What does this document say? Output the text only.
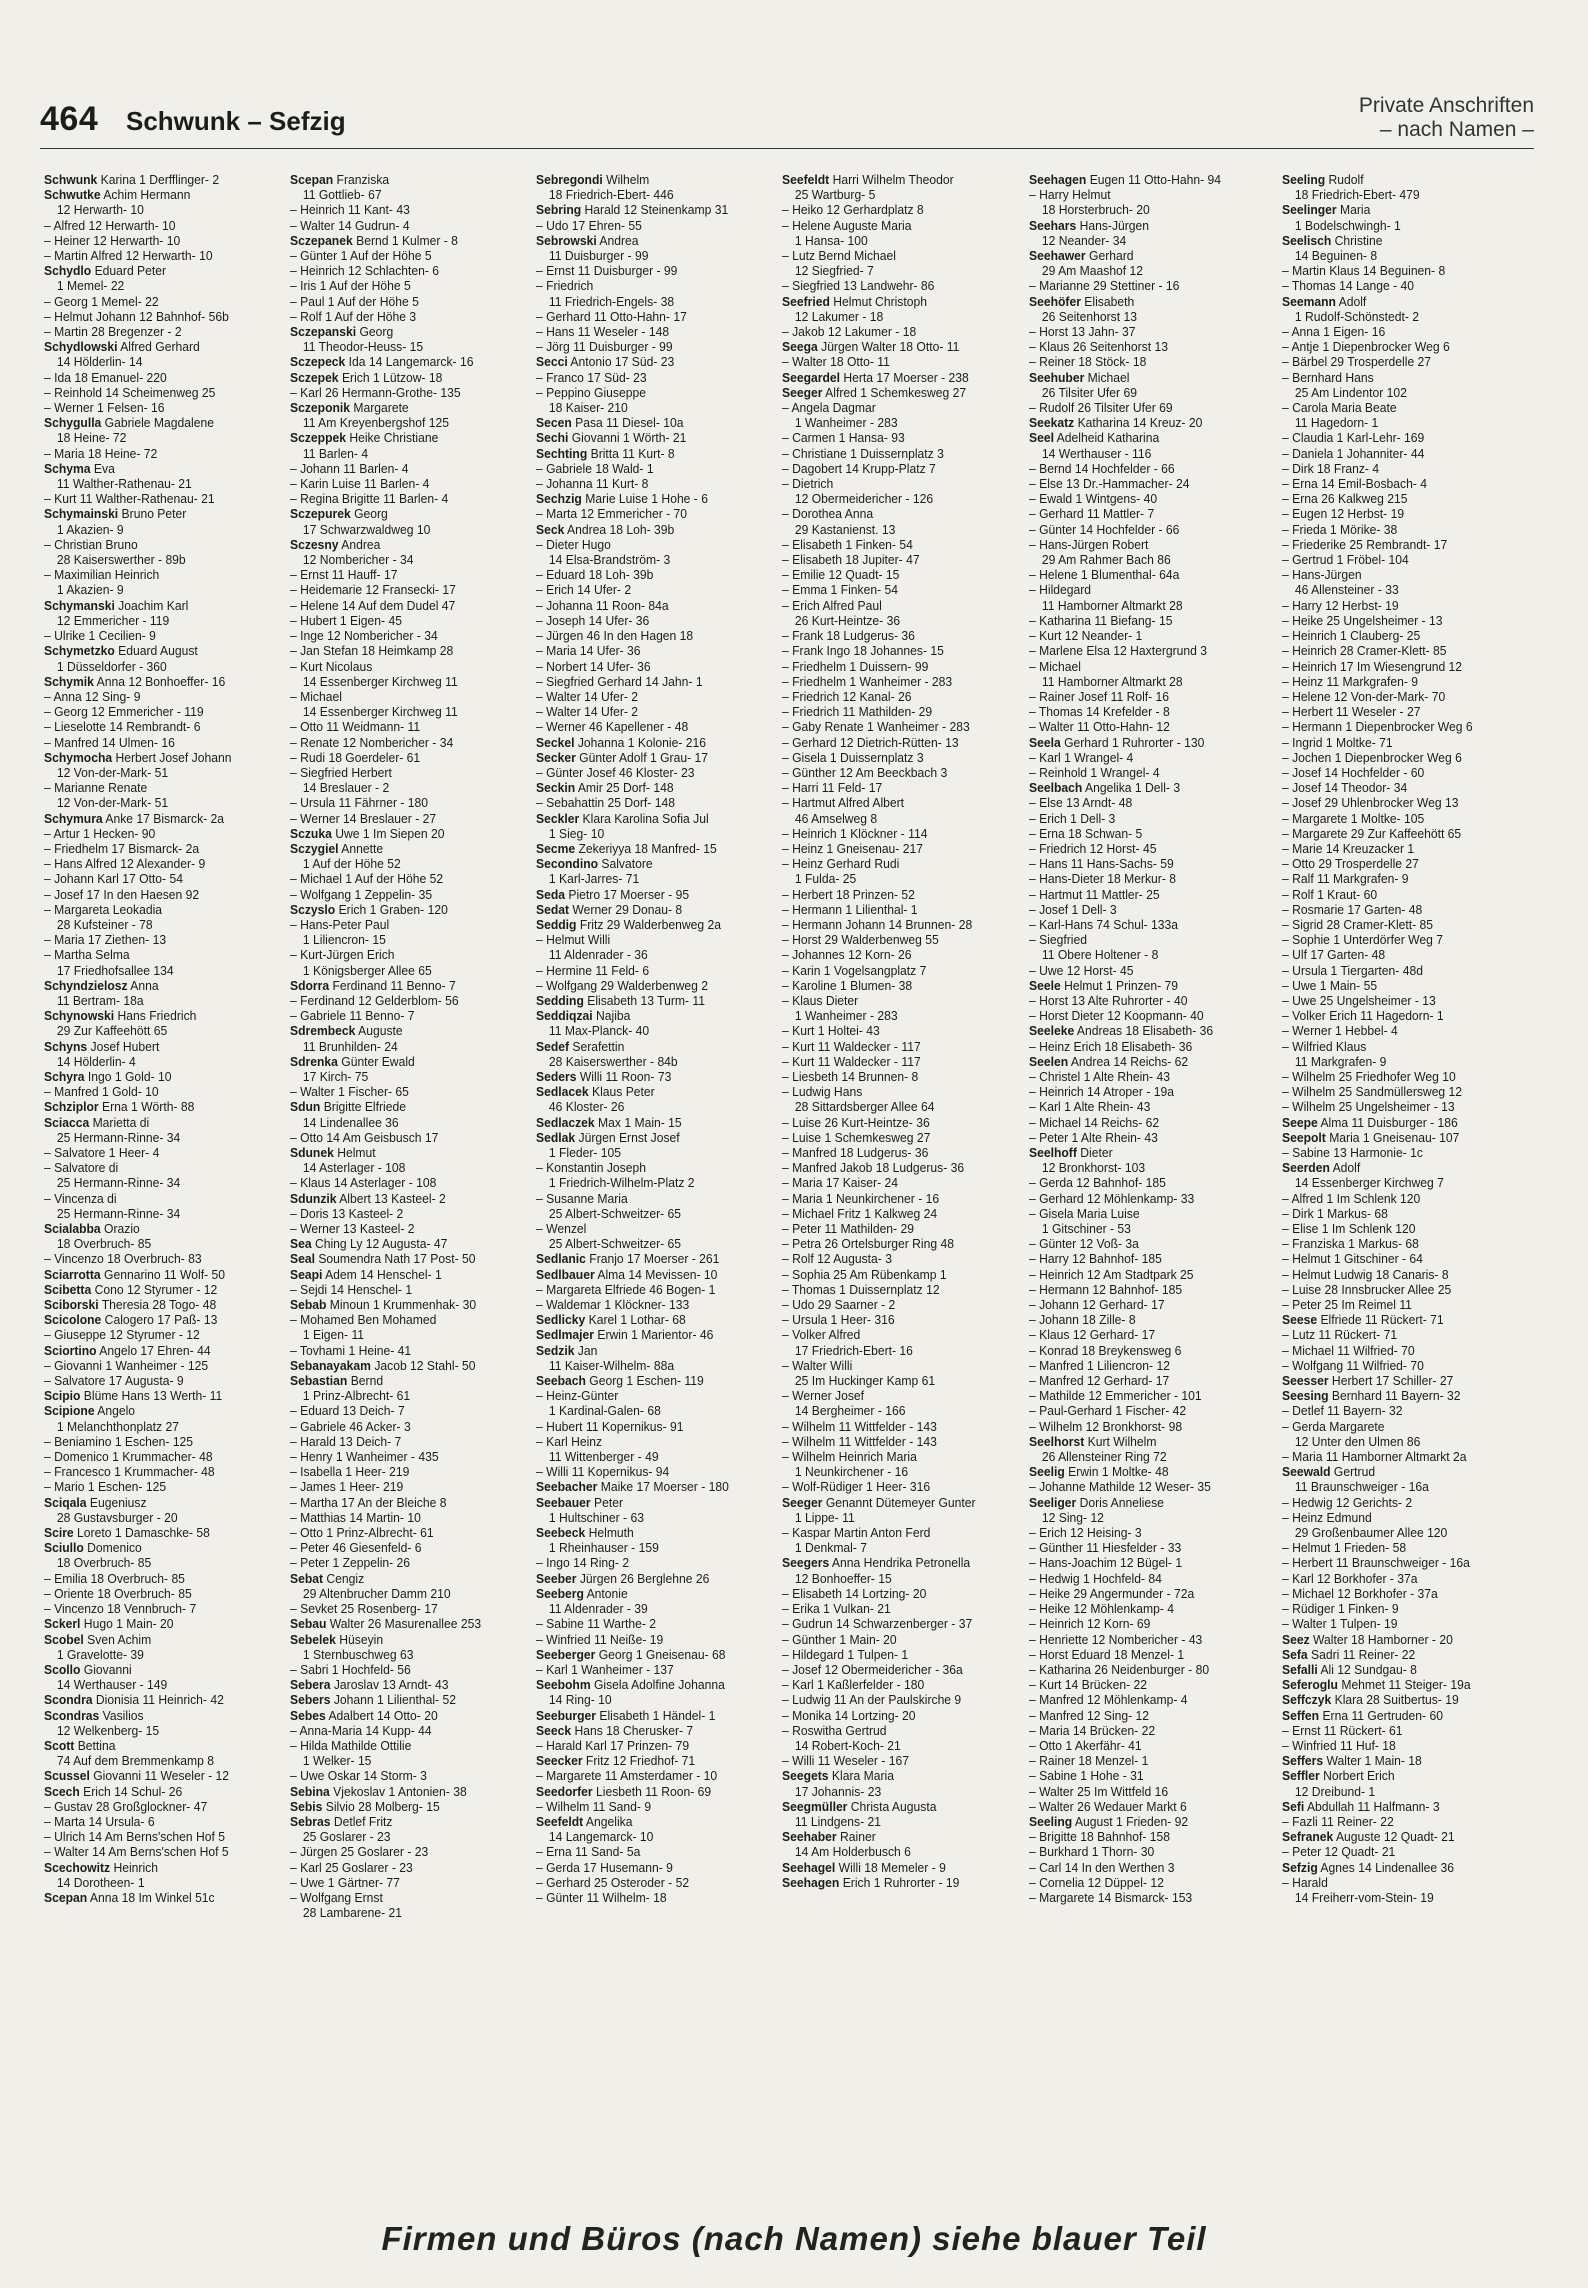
464 Schwunk – Sefzig
Private Anschriften
– nach Namen –
Schwunk Karina 1 Derfflinger- 2
Schwutke Achim Hermann
12 Herwarth- 10
– Alfred 12 Herwarth- 10
– Heiner 12 Herwarth- 10
– Martin Alfred 12 Herwarth- 10
Schydlo Eduard Peter
1 Memel- 22
– Georg 1 Memel- 22
– Helmut Johann 12 Bahnhof- 56b
– Martin 28 Bregenzer - 2
Schydlowski Alfred Gerhard
14 Hölderlin- 14
– Ida 18 Emanuel- 220
– Reinhold 14 Scheimenweg 25
– Werner 1 Felsen- 16
Schygulla Gabriele Magdalene
18 Heine- 72
– Maria 18 Heine- 72
Schyma Eva
11 Walther-Rathenau- 21
– Kurt 11 Walther-Rathenau- 21
Schymainski Bruno Peter
1 Akazien- 9
– Christian Bruno
28 Kaiserswerther - 89b
– Maximilian Heinrich
1 Akazien- 9
Schymanski Joachim Karl
12 Emmericher - 119
– Ulrike 1 Cecilien- 9
Schymetzko Eduard August
1 Düsseldorfer - 360
Schymik Anna 12 Bonhoeffer- 16
– Anna 12 Sing- 9
– Georg 12 Emmericher - 119
– Lieselotte 14 Rembrandt- 6
– Manfred 14 Ulmen- 16
Schymocha Herbert Josef Johann
12 Von-der-Mark- 51
– Marianne Renate
12 Von-der-Mark- 51
Schymura Anke 17 Bismarck- 2a
– Artur 1 Hecken- 90
– Friedhelm 17 Bismarck- 2a
– Hans Alfred 12 Alexander- 9
– Johann Karl 17 Otto- 54
– Josef 17 In den Haesen 92
– Margareta Leokadia
28 Kufsteiner - 78
– Maria 17 Ziethen- 13
– Martha Selma
17 Friedhofsallee 134
Schyndzielosz Anna
11 Bertram- 18a
Schynowski Hans Friedrich
29 Zur Kaffeehött 65
Schyns Josef Hubert
14 Hölderlin- 4
Schyra Ingo 1 Gold- 10
– Manfred 1 Gold- 10
Schziplor Erna 1 Wörth- 88
Sciacca Marietta di
25 Hermann-Rinne- 34
– Salvatore 1 Heer- 4
– Salvatore di
25 Hermann-Rinne- 34
– Vincenza di
25 Hermann-Rinne- 34
Scialabba Orazio
18 Overbruch- 85
– Vincenzo 18 Overbruch- 83
Sciarrotta Gennarino 11 Wolf- 50
Scibetta Cono 12 Styrumer - 12
Sciborski Theresia 28 Togo- 48
Scicolone Calogero 17 Paß- 13
– Giuseppe 12 Styrumer - 12
Sciortino Angelo 17 Ehren- 44
– Giovanni 1 Wanheimer - 125
– Salvatore 17 Augusta- 9
Scipio Blüme Hans 13 Werth- 11
Scipione Angelo
1 Melanchthonplatz 27
– Beniamino 1 Eschen- 125
– Domenico 1 Krummacher- 48
– Francesco 1 Krummacher- 48
– Mario 1 Eschen- 125
Sciqala Eugeniusz
28 Gustavsburger - 20
Scire Loreto 1 Damaschke- 58
Sciullo Domenico
18 Overbruch- 85
– Emilia 18 Overbruch- 85
– Oriente 18 Overbruch- 85
– Vincenzo 18 Vennbruch- 7
Sckerl Hugo 1 Main- 20
Scobel Sven Achim
1 Gravelotte- 39
Scollo Giovanni
14 Werthauser - 149
Scondra Dionisia 11 Heinrich- 42
Scondras Vasilios
12 Welkenberg- 15
Scott Bettina
74 Auf dem Bremmenkamp 8
Scussel Giovanni 11 Weseler - 12
Scech Erich 14 Schul- 26
– Gustav 28 Großglockner- 47
– Marta 14 Ursula- 6
– Ulrich 14 Am Berns'schen Hof 5
– Walter 14 Am Berns'schen Hof 5
Scechowitz Heinrich
14 Dorotheen- 1
Scepan Anna 18 Im Winkel 51c
Scepan Franziska
11 Gottlieb- 67
– Heinrich 11 Kant- 43
– Walter 14 Gudrun- 4
Sczepanek Bernd 1 Kulmer - 8
– Günter 1 Auf der Höhe 5
– Heinrich 12 Schlachten- 6
– Iris 1 Auf der Höhe 5
– Paul 1 Auf der Höhe 5
– Rolf 1 Auf der Höhe 3
Sczepanski Georg
11 Theodor-Heuss- 15
Sczepeck Ida 14 Langemarck- 16
Sczepek Erich 1 Lützow- 18
– Karl 26 Hermann-Grothe- 135
Sczeponik Margarete
11 Am Kreyenbergshof 125
Sczeppek Heike Christiane
11 Barlen- 4
– Johann 11 Barlen- 4
– Karin Luise 11 Barlen- 4
– Regina Brigitte 11 Barlen- 4
Sczepurek Georg
17 Schwarzwaldweg 10
Sczesny Andrea
12 Nombericher - 34
– Ernst 11 Hauff- 17
– Heidemarie 12 Fransecki- 17
– Helene 14 Auf dem Dudel 47
– Hubert 1 Eigen- 45
– Inge 12 Nombericher - 34
– Jan Stefan 18 Heimkamp 28
– Kurt Nicolaus
14 Essenberger Kirchweg 11
– Michael
14 Essenberger Kirchweg 11
– Otto 11 Weidmann- 11
– Renate 12 Nombericher - 34
– Rudi 18 Goerdeler- 61
– Siegfried Herbert
14 Breslauer - 2
– Ursula 11 Fährner - 180
– Werner 14 Breslauer - 27
Sczuka Uwe 1 Im Siepen 20
Sczygiel Annette
1 Auf der Höhe 52
– Michael 1 Auf der Höhe 52
– Wolfgang 1 Zeppelin- 35
Sczyslo Erich 1 Graben- 120
– Hans-Peter Paul
1 Liliencron- 15
– Kurt-Jürgen Erich
1 Königsberger Allee 65
Sdorra Ferdinand 11 Benno- 7
– Ferdinand 12 Gelderblom- 56
– Gabriele 11 Benno- 7
Sdrembeck Auguste
11 Brunhilden- 24
Sdrenka Günter Ewald
17 Kirch- 75
– Walter 1 Fischer- 65
Sdun Brigitte Elfriede
14 Lindenallee 36
– Otto 14 Am Geisbusch 17
Sdunek Helmut
14 Asterlager - 108
– Klaus 14 Asterlager - 108
Sdunzik Albert 13 Kasteel- 2
– Doris 13 Kasteel- 2
– Werner 13 Kasteel- 2
Sea Ching Ly 12 Augusta- 47
Seal Soumendra Nath 17 Post- 50
Seapi Adem 14 Henschel- 1
– Sejdi 14 Henschel- 1
Sebab Minoun 1 Krummenhak- 30
– Mohamed Ben Mohamed
1 Eigen- 11
– Tovhami 1 Heine- 41
Sebanayakam Jacob 12 Stahl- 50
Sebastian Bernd
1 Prinz-Albrecht- 61
– Eduard 13 Deich- 7
– Gabriele 46 Acker- 3
– Harald 13 Deich- 7
– Henry 1 Wanheimer - 435
– Isabella 1 Heer- 219
– James 1 Heer- 219
– Martha 17 An der Bleiche 8
– Matthias 14 Martin- 10
– Otto 1 Prinz-Albrecht- 61
– Peter 46 Giesenfeld- 6
– Peter 1 Zeppelin- 26
Sebat Cengiz
29 Altenbrucher Damm 210
– Sevket 25 Rosenberg- 17
Sebau Walter 26 Masurenallee 253
Sebelek Hüseyin
1 Sternbuschweg 63
– Sabri 1 Hochfeld- 56
Sebera Jaroslav 13 Arndt- 43
Sebers Johann 1 Lilienthal- 52
Sebes Adalbert 14 Otto- 20
– Anna-Maria 14 Kupp- 44
– Hilda Mathilde Ottilie
1 Welker- 15
– Uwe Oskar 14 Storm- 3
Sebina Vjekoslav 1 Antonien- 38
Sebis Silvio 28 Molberg- 15
Sebras Detlef Fritz
25 Goslarer - 23
– Jürgen 25 Goslarer - 23
– Karl 25 Goslarer - 23
– Uwe 1 Gärtner- 77
– Wolfgang Ernst
28 Lambarene- 21
Sebregondi Wilhelm
18 Friedrich-Ebert- 446
Sebring Harald 12 Steinenkamp 31
– Udo 17 Ehren- 55
Sebrowski Andrea
11 Duisburger - 99
– Ernst 11 Duisburger - 99
– Friedrich
11 Friedrich-Engels- 38
– Gerhard 11 Otto-Hahn- 17
– Hans 11 Weseler - 148
– Jörg 11 Duisburger - 99
Secci Antonio 17 Süd- 23
– Franco 17 Süd- 23
– Peppino Giuseppe
18 Kaiser- 210
Secen Pasa 11 Diesel- 10a
Sechi Giovanni 1 Wörth- 21
Sechting Britta 11 Kurt- 8
– Gabriele 18 Wald- 1
– Johanna 11 Kurt- 8
Sechzig Marie Luise 1 Hohe - 6
– Marta 12 Emmericher - 70
Seck Andrea 18 Loh- 39b
– Dieter Hugo
14 Elsa-Brandström- 3
– Eduard 18 Loh- 39b
– Erich 14 Ufer- 2
– Johanna 11 Roon- 84a
– Joseph 14 Ufer- 36
– Jürgen 46 In den Hagen 18
– Maria 14 Ufer- 36
– Norbert 14 Ufer- 36
– Siegfried Gerhard 14 Jahn- 1
– Walter 14 Ufer- 2
– Walter 14 Ufer- 2
– Werner 46 Kapellener - 48
Seckel Johanna 1 Kolonie- 216
Secker Günter Adolf 1 Grau- 17
– Günter Josef 46 Kloster- 23
Seckin Amir 25 Dorf- 148
– Sebahattin 25 Dorf- 148
Seckler Klara Karolina Sofia Jul
1 Sieg- 10
Secme Zekeriyya 18 Manfred- 15
Secondino Salvatore
1 Karl-Jarres- 71
Seda Pietro 17 Moerser - 95
Sedat Werner 29 Donau- 8
Seddig Fritz 29 Walderbenweg 2a
– Helmut Willi
11 Aldenrader - 36
– Hermine 11 Feld- 6
– Wolfgang 29 Walderbenweg 2
Sedding Elisabeth 13 Turm- 11
Seddiqzai Najiba
11 Max-Planck- 40
Sedef Serafettin
28 Kaiserswerther - 84b
Seders Willi 11 Roon- 73
Sedlacek Klaus Peter
46 Kloster- 26
Sedlaczek Max 1 Main- 15
Sedlak Jürgen Ernst Josef
1 Fleder- 105
– Konstantin Joseph
1 Friedrich-Wilhelm-Platz 2
– Susanne Maria
25 Albert-Schweitzer- 65
– Wenzel
25 Albert-Schweitzer- 65
Sedlanic Franjo 17 Moerser - 261
Sedlbauer Alma 14 Mevissen- 10
– Margareta Elfriede 46 Bogen- 1
– Waldemar 1 Klöckner- 133
Sedlicky Karel 1 Lothar- 68
Sedlmajer Erwin 1 Marientor- 46
Sedzik Jan
11 Kaiser-Wilhelm- 88a
Seebach Georg 1 Eschen- 119
– Heinz-Günter
1 Kardinal-Galen- 68
– Hubert 11 Kopernikus- 91
– Karl Heinz
11 Wittenberger - 49
– Willi 11 Kopernikus- 94
Seebacher Maike 17 Moerser - 180
Seebauer Peter
1 Hultschiner - 63
Seebeck Helmuth
1 Rheinhauser - 159
– Ingo 14 Ring- 2
Seeber Jürgen 26 Berglehne 26
Seeberg Antonie
11 Aldenrader - 39
– Sabine 11 Warthe- 2
– Winfried 11 Neiße- 19
Seeberger Georg 1 Gneisenau- 68
– Karl 1 Wanheimer - 137
Seebohm Gisela Adolfine Johanna
14 Ring- 10
Seeburger Elisabeth 1 Händel- 1
Seeck Hans 18 Cherusker- 7
– Harald Karl 17 Prinzen- 79
Seecker Fritz 12 Friedhof- 71
– Margarete 11 Amsterdamer - 10
Seedorfer Liesbeth 11 Roon- 69
– Wilhelm 11 Sand- 9
Seefeldt Angelika
14 Langemarck- 10
– Erna 11 Sand- 5a
– Gerda 17 Husemann- 9
– Gerhard 25 Osteroder - 52
– Günter 11 Wilhelm- 18
Seefeldt Harri Wilhelm Theodor
25 Wartburg- 5
– Heiko 12 Gerhardplatz 8
– Helene Auguste Maria
1 Hansa- 100
– Lutz Bernd Michael
12 Siegfried- 7
– Siegfried 13 Landwehr- 86
Seefried Helmut Christoph
12 Lakumer - 18
– Jakob 12 Lakumer - 18
Seega Jürgen Walter 18 Otto- 11
– Walter 18 Otto- 11
Seegardel Herta 17 Moerser - 238
Seeger Alfred 1 Schemkesweg 27
– Angela Dagmar
1 Wanheimer - 283
– Carmen 1 Hansa- 93
– Christiane 1 Duissernplatz 3
– Dagobert 14 Krupp-Platz 7
– Dietrich
12 Obermeidericher - 126
– Dorothea Anna
29 Kastanienst. 13
– Elisabeth 1 Finken- 54
– Elisabeth 18 Jupiter- 47
– Emilie 12 Quadt- 15
– Emma 1 Finken- 54
– Erich Alfred Paul
26 Kurt-Heintze- 36
– Frank 18 Ludgerus- 36
– Frank Ingo 18 Johannes- 15
– Friedhelm 1 Duissern- 99
– Friedhelm 1 Wanheimer - 283
– Friedrich 12 Kanal- 26
– Friedrich 11 Mathilden- 29
– Gaby Renate 1 Wanheimer - 283
– Gerhard 12 Dietrich-Rütten- 13
– Gisela 1 Duissernplatz 3
– Günther 12 Am Beeckbach 3
– Harri 11 Feld- 17
– Hartmut Alfred Albert
46 Amselweg 8
– Heinrich 1 Klöckner - 114
– Heinz 1 Gneisenau- 217
– Heinz Gerhard Rudi
1 Fulda- 25
– Herbert 18 Prinzen- 52
– Hermann 1 Lilienthal- 1
– Hermann Johann 14 Brunnen- 28
– Horst 29 Walderbenweg 55
– Johannes 12 Korn- 26
– Karin 1 Vogelsangplatz 7
– Karoline 1 Blumen- 38
– Klaus Dieter
1 Wanheimer - 283
– Kurt 1 Holtei- 43
– Kurt 11 Waldecker - 117
– Kurt 11 Waldecker - 117
– Liesbeth 14 Brunnen- 8
– Ludwig Hans
28 Sittardsberger Allee 64
– Luise 26 Kurt-Heintze- 36
– Luise 1 Schemkesweg 27
– Manfred 18 Ludgerus- 36
– Manfred Jakob 18 Ludgerus- 36
– Maria 17 Kaiser- 24
– Maria 1 Neunkirchener - 16
– Michael Fritz 1 Kalkweg 24
– Peter 11 Mathilden- 29
– Petra 26 Ortelsburger Ring 48
– Rolf 12 Augusta- 3
– Sophia 25 Am Rübenkamp 1
– Thomas 1 Duissernplatz 12
– Udo 29 Saarner - 2
– Ursula 1 Heer- 316
– Volker Alfred
17 Friedrich-Ebert- 16
– Walter Willi
25 Im Huckinger Kamp 61
– Werner Josef
14 Bergheimer - 166
– Wilhelm 11 Wittfelder - 143
– Wilhelm 11 Wittfelder - 143
– Wilhelm Heinrich Maria
1 Neunkirchener - 16
– Wolf-Rüdiger 1 Heer- 316
Seeger Genannt Dütemeyer Gunter
1 Lippe- 11
– Kaspar Martin Anton Ferd
1 Denkmal- 7
Seegers Anna Hendrika Petronella
12 Bonhoeffer- 15
– Elisabeth 14 Lortzing- 20
– Erika 1 Vulkan- 21
– Gudrun 14 Schwarzenberger - 37
– Günther 1 Main- 20
– Hildegard 1 Tulpen- 1
– Josef 12 Obermeidericher - 36a
– Karl 1 Kaßlerfelder - 180
– Ludwig 11 An der Paulskirche 9
– Monika 14 Lortzing- 20
– Roswitha Gertrud
14 Robert-Koch- 21
– Willi 11 Weseler - 167
Seegets Klara Maria
17 Johannis- 23
Seegmüller Christa Augusta
11 Lindgens- 21
Seehaber Rainer
14 Am Holderbusch 6
Seehagel Willi 18 Memeler - 9
Seehagen Erich 1 Ruhrorter - 19
Seehagen Eugen 11 Otto-Hahn- 94
– Harry Helmut
18 Horsterbruch- 20
Seehars Hans-Jürgen
12 Neander- 34
Seehawer Gerhard
29 Am Maashof 12
– Marianne 29 Stettiner - 16
Seehöfer Elisabeth
26 Seitenhorst 13
– Horst 13 Jahn- 37
– Klaus 26 Seitenhorst 13
– Reiner 18 Stöck- 18
Seehuber Michael
26 Tilsiter Ufer 69
– Rudolf 26 Tilsiter Ufer 69
Seekatz Katharina 14 Kreuz- 20
Seel Adelheid Katharina
14 Werthauser - 116
– Bernd 14 Hochfelder - 66
– Else 13 Dr.-Hammacher- 24
– Ewald 1 Wintgens- 40
– Gerhard 11 Mattler- 7
– Günter 14 Hochfelder - 66
– Hans-Jürgen Robert
29 Am Rahmer Bach 86
– Helene 1 Blumenthal- 64a
– Hildegard
11 Hamborner Altmarkt 28
– Katharina 11 Biefang- 15
– Kurt 12 Neander- 1
– Marlene Elsa 12 Haxtergrund 3
– Michael
11 Hamborner Altmarkt 28
– Rainer Josef 11 Rolf- 16
– Thomas 14 Krefelder - 8
– Walter 11 Otto-Hahn- 12
Seela Gerhard 1 Ruhrorter - 130
– Karl 1 Wrangel- 4
– Reinhold 1 Wrangel- 4
Seelbach Angelika 1 Dell- 3
– Else 13 Arndt- 48
– Erich 1 Dell- 3
– Erna 18 Schwan- 5
– Friedrich 12 Horst- 45
– Hans 11 Hans-Sachs- 59
– Hans-Dieter 18 Merkur- 8
– Hartmut 11 Mattler- 25
– Josef 1 Dell- 3
– Karl-Hans 74 Schul- 133a
– Siegfried
11 Obere Holtener - 8
– Uwe 12 Horst- 45
Seele Helmut 1 Prinzen- 79
– Horst 13 Alte Ruhrorter - 40
– Horst Dieter 12 Koopmann- 40
Seeleke Andreas 18 Elisabeth- 36
– Heinz Erich 18 Elisabeth- 36
Seelen Andrea 14 Reichs- 62
– Christel 1 Alte Rhein- 43
– Heinrich 14 Atroper - 19a
– Karl 1 Alte Rhein- 43
– Michael 14 Reichs- 62
– Peter 1 Alte Rhein- 43
Seelhoff Dieter
12 Bronkhorst- 103
– Gerda 12 Bahnhof- 185
– Gerhard 12 Möhlenkamp- 33
– Gisela Maria Luise
1 Gitschiner - 53
– Günter 12 Voß- 3a
– Harry 12 Bahnhof- 185
– Heinrich 12 Am Stadtpark 25
– Hermann 12 Bahnhof- 185
– Johann 12 Gerhard- 17
– Johann 18 Zille- 8
– Klaus 12 Gerhard- 17
– Konrad 18 Breykensweg 6
– Manfred 1 Liliencron- 12
– Manfred 12 Gerhard- 17
– Mathilde 12 Emmericher - 101
– Paul-Gerhard 1 Fischer- 42
– Wilhelm 12 Bronkhorst- 98
Seelhorst Kurt Wilhelm
26 Allensteiner Ring 72
Seelig Erwin 1 Moltke- 48
– Johanne Mathilde 12 Weser- 35
Seeliger Doris Anneliese
12 Sing- 12
– Erich 12 Heising- 3
– Günther 11 Hiesfelder - 33
– Hans-Joachim 12 Bügel- 1
– Hedwig 1 Hochfeld- 84
– Heike 29 Angermunder - 72a
– Heike 12 Möhlenkamp- 4
– Heinrich 12 Korn- 69
– Henriette 12 Nombericher - 43
– Horst Eduard 18 Menzel- 1
– Katharina 26 Neidenburger - 80
– Kurt 14 Brücken- 22
– Manfred 12 Möhlenkamp- 4
– Manfred 12 Sing- 12
– Maria 14 Brücken- 22
– Otto 1 Akerfähr- 41
– Rainer 18 Menzel- 1
– Sabine 1 Hohe - 31
– Walter 25 Im Wittfeld 16
– Walter 26 Wedauer Markt 6
Seeling August 1 Frieden- 92
– Brigitte 18 Bahnhof- 158
– Burkhard 1 Thorn- 30
– Carl 14 In den Werthen 3
– Cornelia 12 Düppel- 12
– Margarete 14 Bismarck- 153
Seeling Rudolf
18 Friedrich-Ebert- 479
Seelinger Maria
1 Bodelschwingh- 1
Seelisch Christine
14 Beguinen- 8
– Martin Klaus 14 Beguinen- 8
– Thomas 14 Lange - 40
Seemann Adolf
1 Rudolf-Schönstedt- 2
– Anna 1 Eigen- 16
– Antje 1 Diepenbrocker Weg 6
– Bärbel 29 Trosperdelle 27
– Bernhard Hans
25 Am Lindentor 102
– Carola Maria Beate
11 Hagedorn- 1
– Claudia 1 Karl-Lehr- 169
– Daniela 1 Johanniter- 44
– Dirk 18 Franz- 4
– Erna 14 Emil-Bosbach- 4
– Erna 26 Kalkweg 215
– Eugen 12 Herbst- 19
– Frieda 1 Mörike- 38
– Friederike 25 Rembrandt- 17
– Gertrud 1 Fröbel- 104
– Hans-Jürgen
46 Allensteiner - 33
– Harry 12 Herbst- 19
– Heike 25 Ungelsheimer - 13
– Heinrich 1 Clauberg- 25
– Heinrich 28 Cramer-Klett- 85
– Heinrich 17 Im Wiesengrund 12
– Heinz 11 Markgrafen- 9
– Helene 12 Von-der-Mark- 70
– Herbert 11 Weseler - 27
– Hermann 1 Diepenbrocker Weg 6
– Ingrid 1 Moltke- 71
– Jochen 1 Diepenbrocker Weg 6
– Josef 14 Hochfelder - 60
– Josef 14 Theodor- 34
– Josef 29 Uhlenbrocker Weg 13
– Margarete 1 Moltke- 105
– Margarete 29 Zur Kaffeehött 65
– Marie 14 Kreuzacker 1
– Otto 29 Trosperdelle 27
– Ralf 11 Markgrafen- 9
– Rolf 1 Kraut- 60
– Rosmarie 17 Garten- 48
– Sigrid 28 Cramer-Klett- 85
– Sophie 1 Unterdörfer Weg 7
– Ulf 17 Garten- 48
– Ursula 1 Tiergarten- 48d
– Uwe 1 Main- 55
– Uwe 25 Ungelsheimer - 13
– Volker Erich 11 Hagedorn- 1
– Werner 1 Hebbel- 4
– Wilfried Klaus
11 Markgrafen- 9
– Wilhelm 25 Friedhofer Weg 10
– Wilhelm 25 Sandmüllersweg 12
– Wilhelm 25 Ungelsheimer - 13
Seepe Alma 11 Duisburger - 186
Seepolt Maria 1 Gneisenau- 107
– Sabine 13 Harmonie- 1c
Seerden Adolf
14 Essenberger Kirchweg 7
– Alfred 1 Im Schlenk 120
– Dirk 1 Markus- 68
– Elise 1 Im Schlenk 120
– Franziska 1 Markus- 68
– Helmut 1 Gitschiner - 64
– Helmut Ludwig 18 Canaris- 8
– Luise 28 Innsbrucker Allee 25
– Peter 25 Im Reimel 11
Seese Elfriede 11 Rückert- 71
– Lutz 11 Rückert- 71
– Michael 11 Wilfried- 70
– Wolfgang 11 Wilfried- 70
Seesser Herbert 17 Schiller- 27
Seesing Bernhard 11 Bayern- 32
– Detlef 11 Bayern- 32
– Gerda Margarete
12 Unter den Ulmen 86
– Maria 11 Hamborner Altmarkt 2a
Seewald Gertrud
11 Braunschweiger - 16a
– Hedwig 12 Gerichts- 2
– Heinz Edmund
29 Großenbaumer Allee 120
– Helmut 1 Frieden- 58
– Herbert 11 Braunschweiger - 16a
– Karl 12 Borkhofer - 37a
– Michael 12 Borkhofer - 37a
– Rüdiger 1 Finken- 9
– Walter 1 Tulpen- 19
Seez Walter 18 Hamborner - 20
Sefa Sadri 11 Reiner- 22
Sefalli Ali 12 Sundgau- 8
Seferoglu Mehmet 11 Steiger- 19a
Seffczyk Klara 28 Suitbertus- 19
Seffen Erna 11 Gertruden- 60
– Ernst 11 Rückert- 61
– Winfried 11 Huf- 18
Seffers Walter 1 Main- 18
Seffler Norbert Erich
12 Dreibund- 1
Sefi Abdullah 11 Halfmann- 3
– Fazli 11 Reiner- 22
Sefranek Auguste 12 Quadt- 21
– Peter 12 Quadt- 21
Sefzig Agnes 14 Lindenallee 36
– Harald
14 Freiherr-vom-Stein- 19
Firmen und Büros (nach Namen) siehe blauer Teil
